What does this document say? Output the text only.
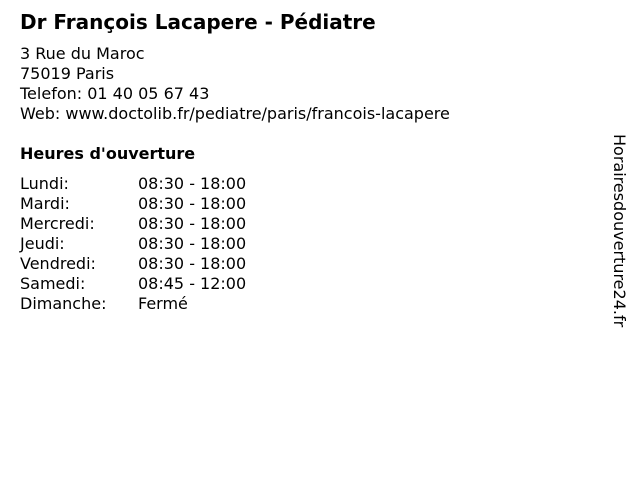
Dr François Lacapere - Pédiatre
3 Rue du Maroc
75019 Paris
Telefon: 01 40 05 67 43
Web: www.doctolib.fr/pediatre/paris/francois-lacapere
Heures d'ouverture
Lundi:	08:30 - 18:00
Mardi:	08:30 - 18:00
Mercredi:	08:30 - 18:00
Jeudi:	08:30 - 18:00
Vendredi:	08:30 - 18:00
Samedi:	08:45 - 12:00
Dimanche:	Fermé	Horairesdouverture24.fr
